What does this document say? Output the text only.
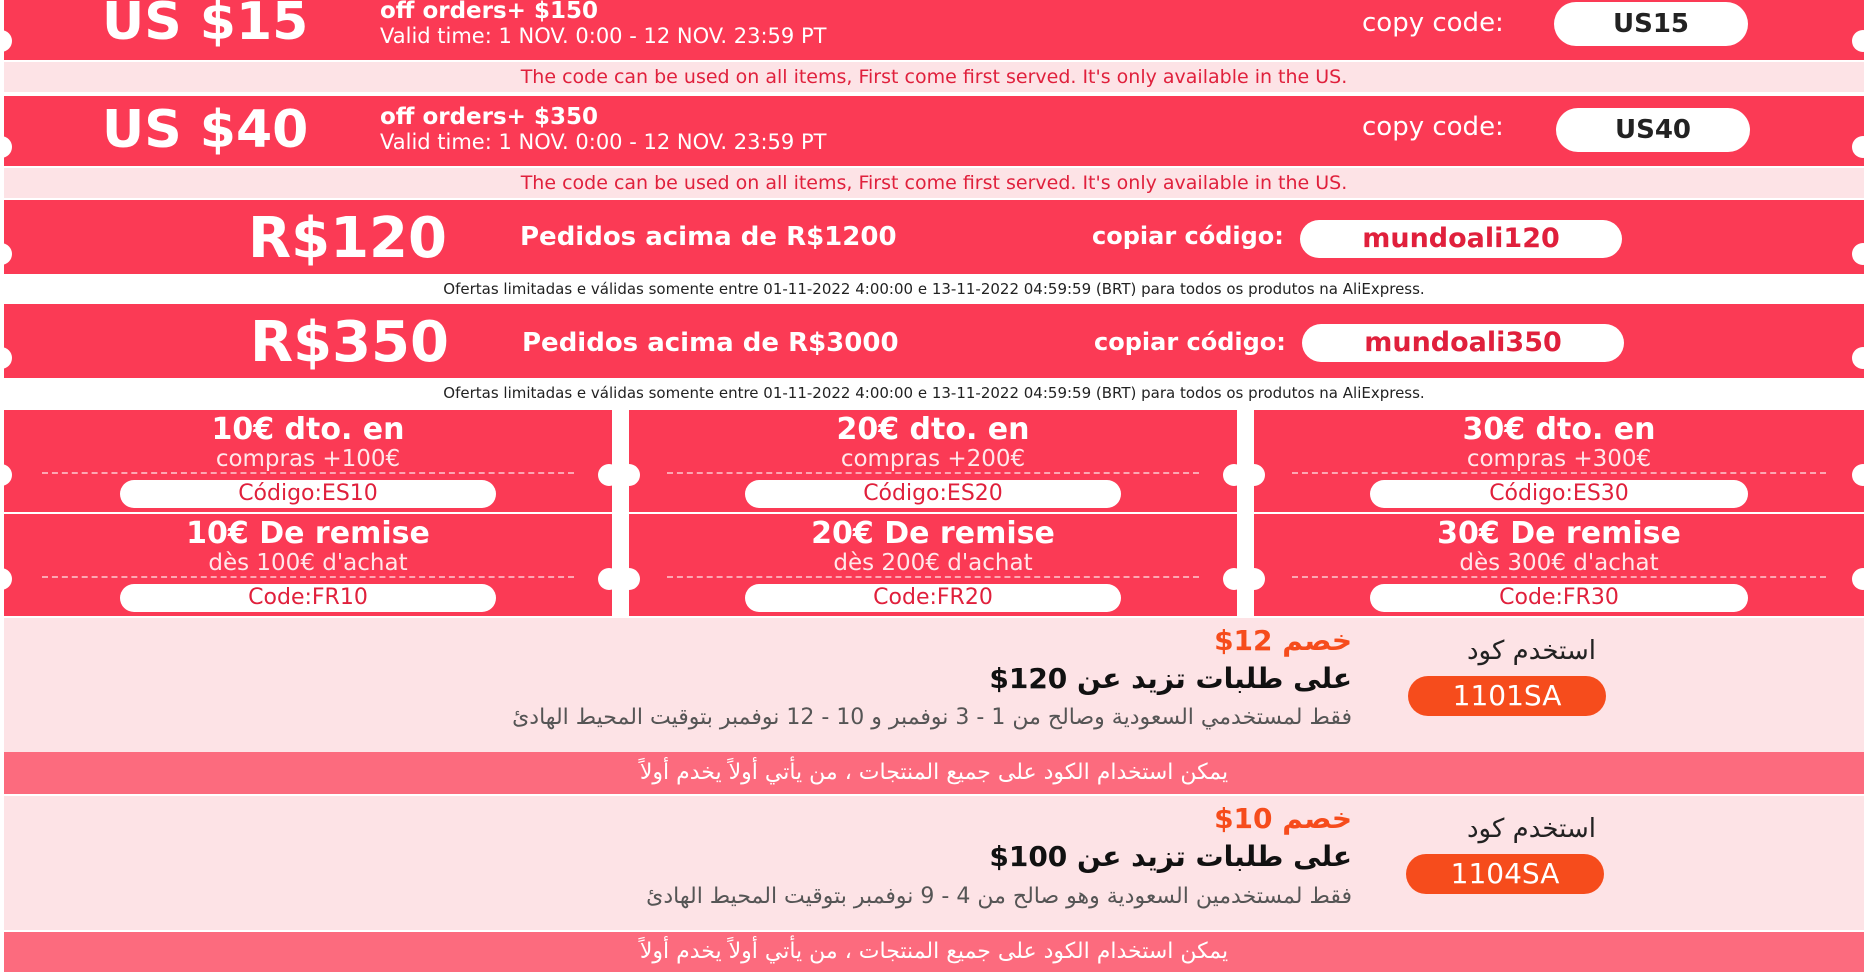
US $15	off orders+ $150
Valid time: 1 NOV. 0:00 - 12 NOV. 23:59 PT	copy code:	US15
The code can be used on all items, First come first served. It's only available in the US.
US $40	off orders+ $350
Valid time: 1 NOV. 0:00 - 12 NOV. 23:59 PT	copy code:	US40
The code can be used on all items, First come first served. It's only available in the US.
R$120	Pedidos acima de R$1200	copiar código:	mundoali120
Ofertas limitadas e válidas somente entre 01-11-2022 4:00:00 e 13-11-2022 04:59:59 (BRT) para todos os produtos na AliExpress.
R$350	Pedidos acima de R$3000	copiar código:	mundoali350
Ofertas limitadas e válidas somente entre 01-11-2022 4:00:00 e 13-11-2022 04:59:59 (BRT) para todos os produtos na AliExpress.
10€ dto. en
compras +100€
Código:ES10
20€ dto. en
compras +200€
Código:ES20
30€ dto. en
compras +300€
Código:ES30
10€ De remise
dès 100€ d'achat
Code:FR10
20€ De remise
dès 200€ d'achat
Code:FR20
30€ De remise
dès 300€ d'achat
Code:FR30
خصم 12$
على طلبات تزيد عن 120$
فقط لمستخدمي السعودية وصالح من 1 - 3 نوفمبر و 10 - 12 نوفمبر بتوقيت المحيط الهادئ
استخدم كود
1101SA
يمكن استخدام الكود على جميع المنتجات ، من يأتي أولاً يخدم أولاً
خصم 10$
على طلبات تزيد عن 100$
فقط لمستخدمين السعودية وهو صالح من 4 - 9 نوفمبر بتوقيت المحيط الهادئ
استخدم كود
1104SA
يمكن استخدام الكود على جميع المنتجات ، من يأتي أولاً يخدم أولاً
